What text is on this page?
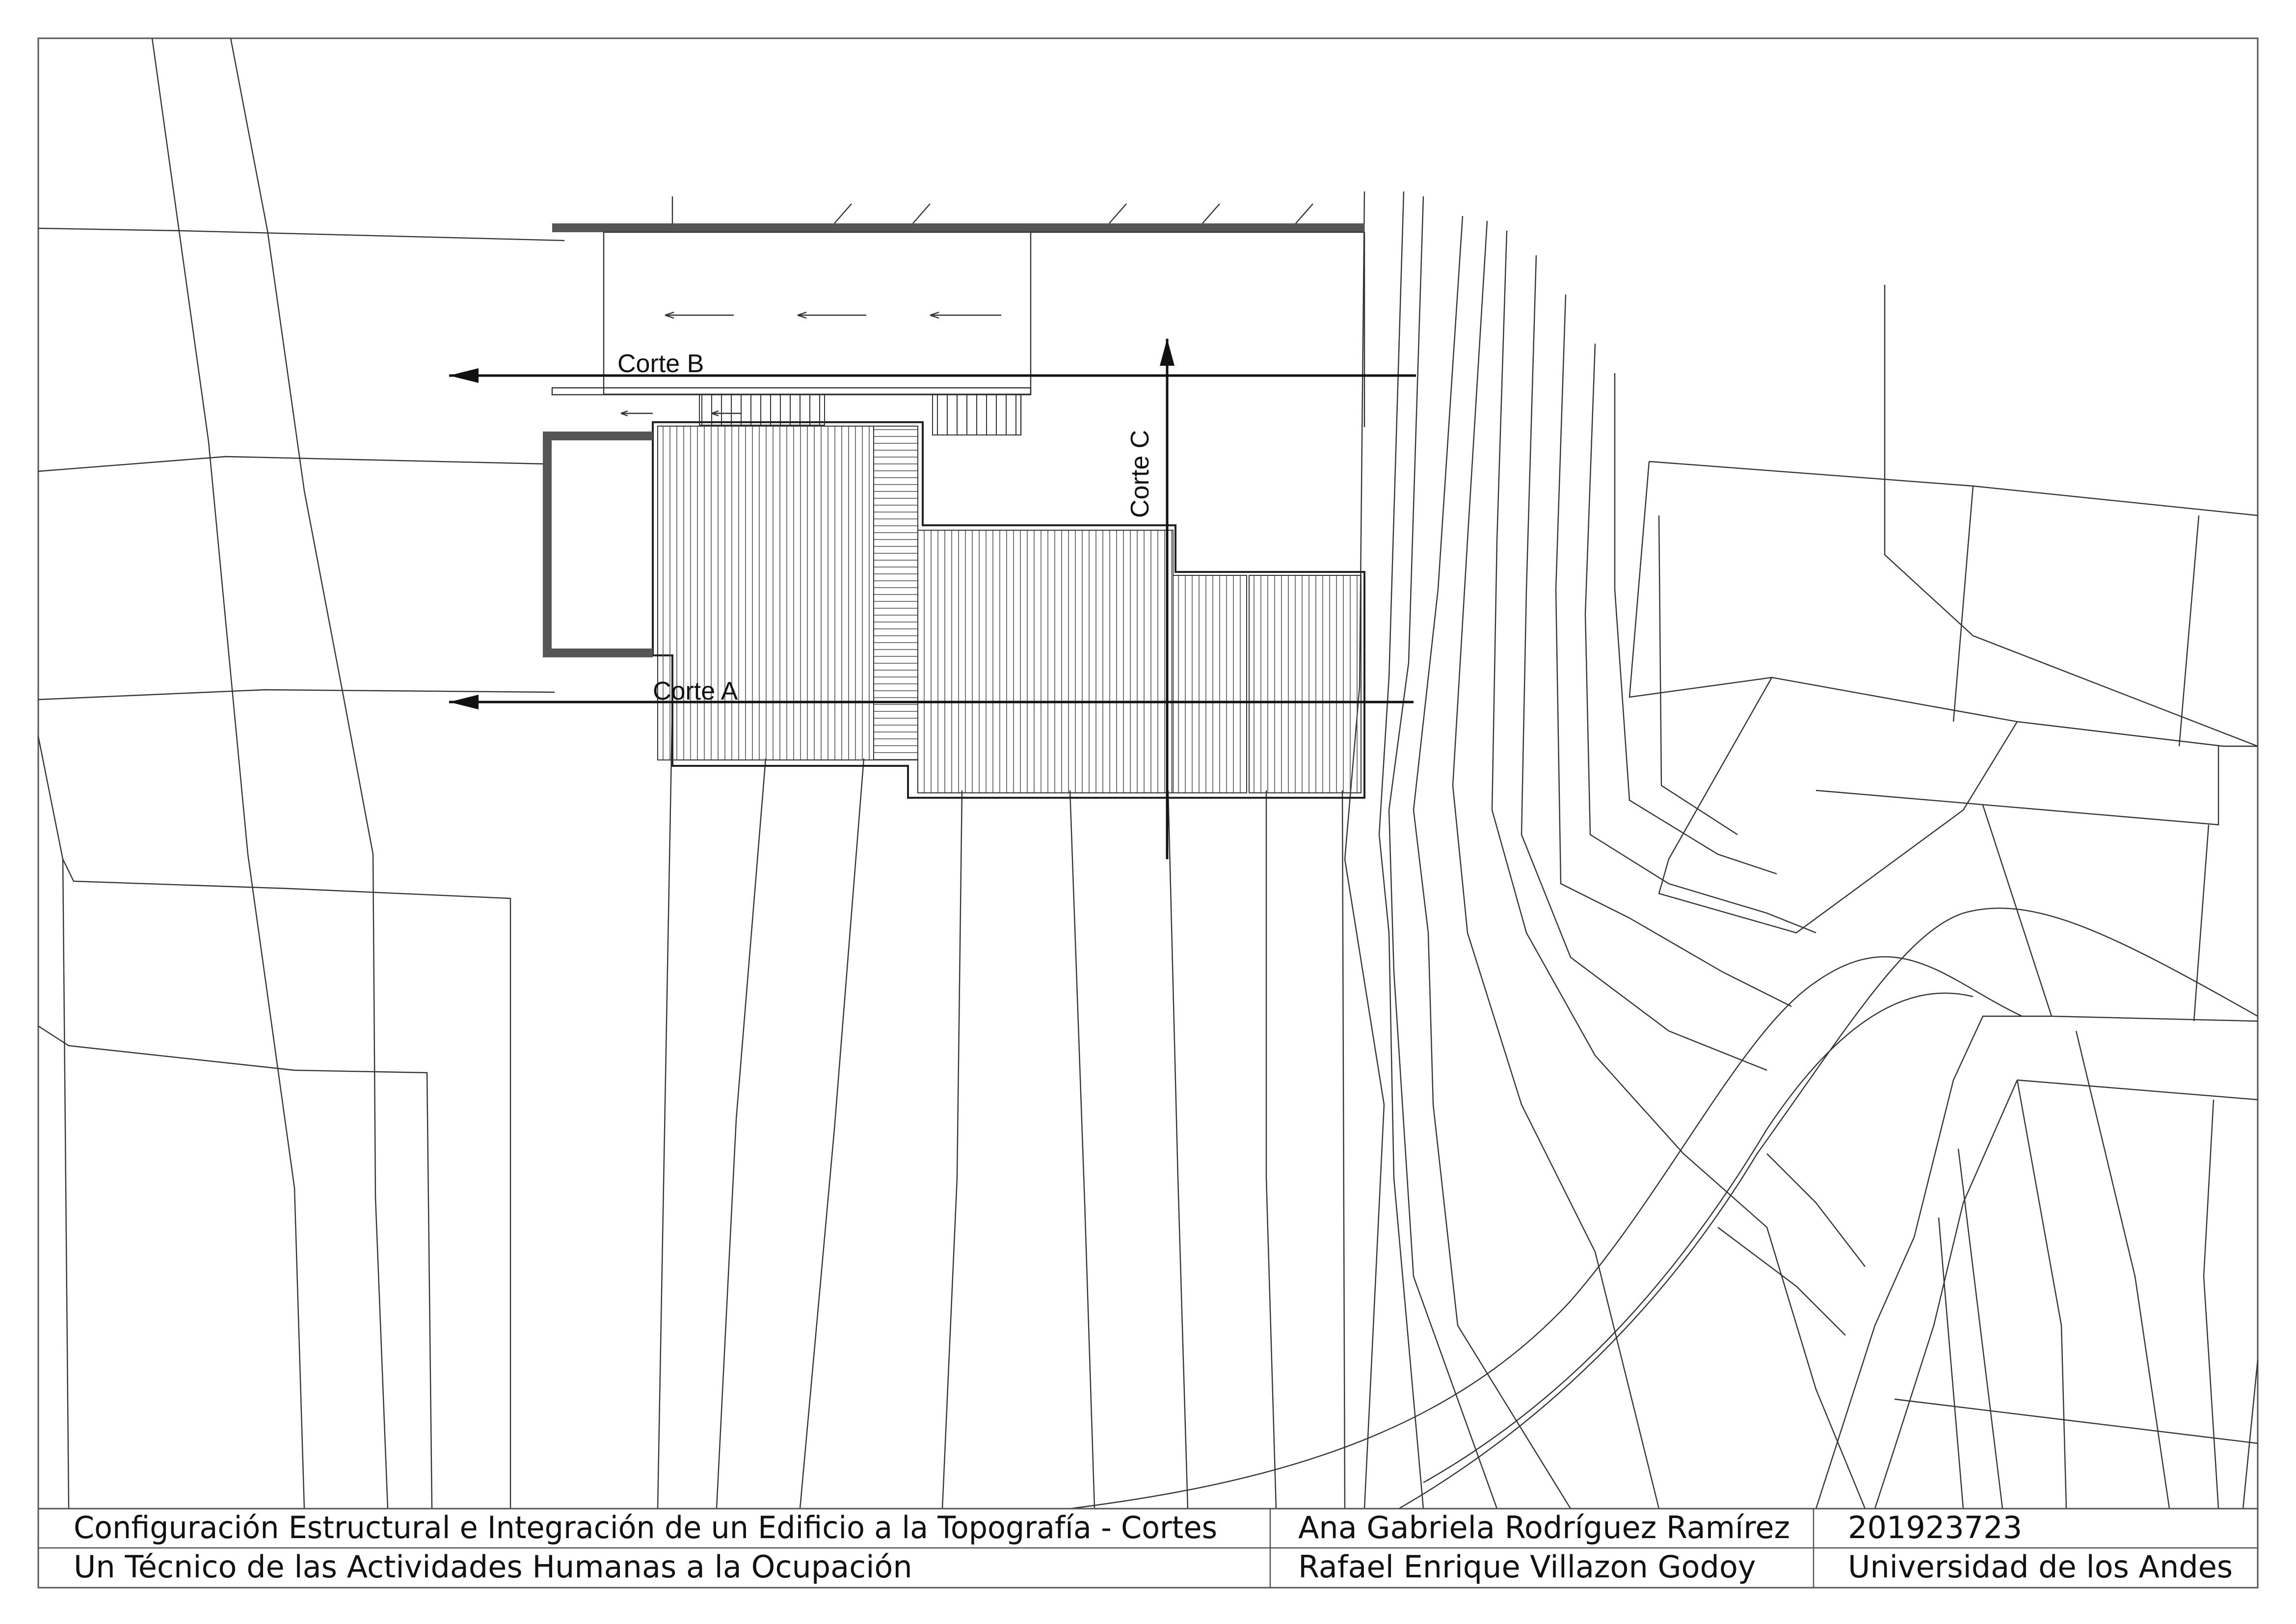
Corte B
Corte A
Corte C
Configuración Estructural e Integración de un Edificio a la Topografía - Cortes
Un Técnico de las Actividades Humanas a la Ocupación
Ana Gabriela Rodríguez Ramírez
Rafael Enrique Villazon Godoy
201923723
Universidad de los Andes
